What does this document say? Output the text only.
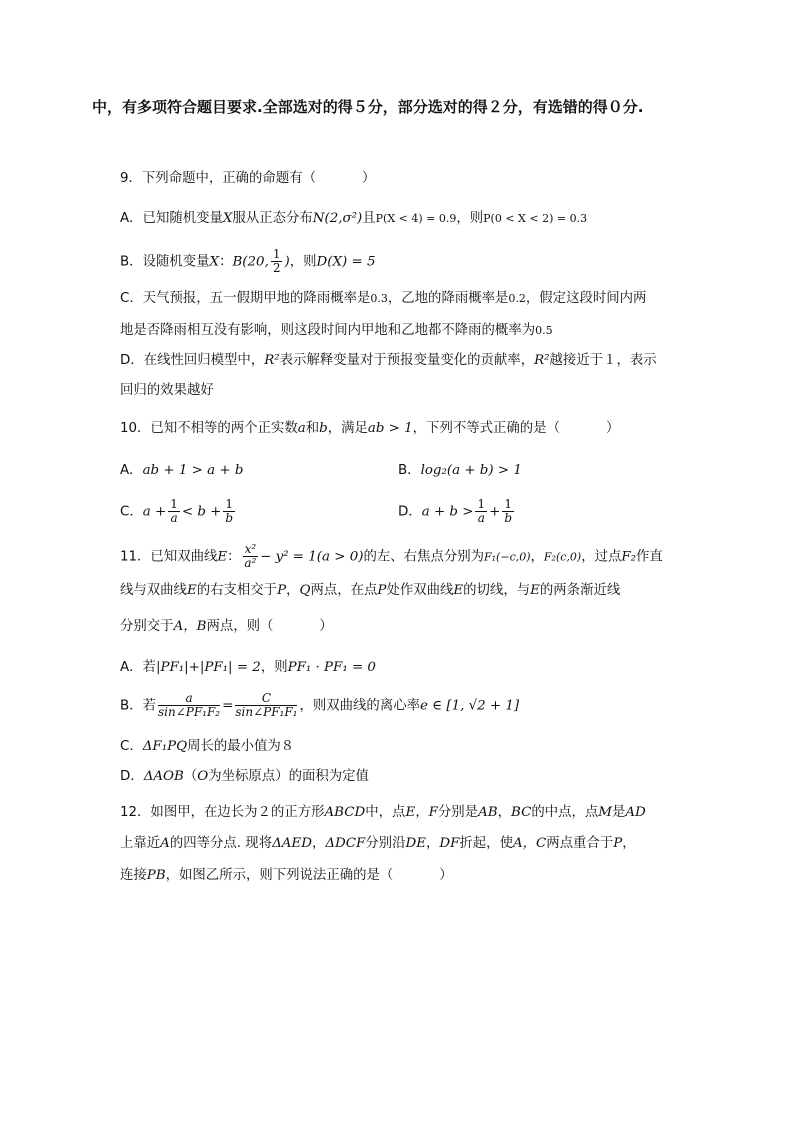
中，有多项符合题目要求.全部选对的得５分，部分选对的得２分，有选错的得０分.
9．下列命题中，正确的命题有（	）
A．已知随机变量X服从正态分布N(2,σ²)且P(X < 4) = 0.9，则P(0 < X < 2) = 0.3
B．设随机变量X：B(20, $\frac{1}{2}$ )，则D(X) = 5
C．天气预报，五一假期甲地的降雨概率是0.3，乙地的降雨概率是0.2，假定这段时间内两
地是否降雨相互没有影响，则这段时间内甲地和乙地都不降雨的概率为0.5
D．在线性回归模型中，R²表示解释变量对于预报变量变化的贡献率，R²越接近于１，表示
回归的效果越好
10．已知不相等的两个正实数a和b，满足ab > 1，下列不等式正确的是（	）
A．ab + 1 > a + b	B．log₂(a + b) > 1
C．$a + \frac{1}{a} < b + \frac{1}{b}$	D．$a + b > \frac{1}{a} + \frac{1}{b}$
11．已知双曲线E： $\frac{\text{x²}}{\text{a²}} - y^2 = 1(a > 0)$的左、右焦点分别为F₁(−c,0)，F₂(c,0)，过点F₂作直
线与双曲线E的右支相交于P，Q两点，在点P处作双曲线E的切线，与E的两条渐近线
分别交于A，B两点，则（	）
A．若|PF₁|+|PF₁| = 2，则PF₁ · PF₁ = 0
B．若 $\frac{a}{\text{sin∠PF₁F₂}} = \frac{C}{\text{sin∠PF₁F₁}}$ ，则双曲线的离心率e ∈ [1, √2 + 1]
C．ΔF₁PQ周长的最小值为８
D．ΔAOB（O为坐标原点）的面积为定值
12．如图甲，在边长为２的正方形ABCD中，点E，F分别是AB，BC的中点，点M是AD
上靠近A的四等分点. 现将ΔAED，ΔDCF分别沿DE，DF折起，使A，C两点重合于P，
连接PB，如图乙所示，则下列说法正确的是（	）
